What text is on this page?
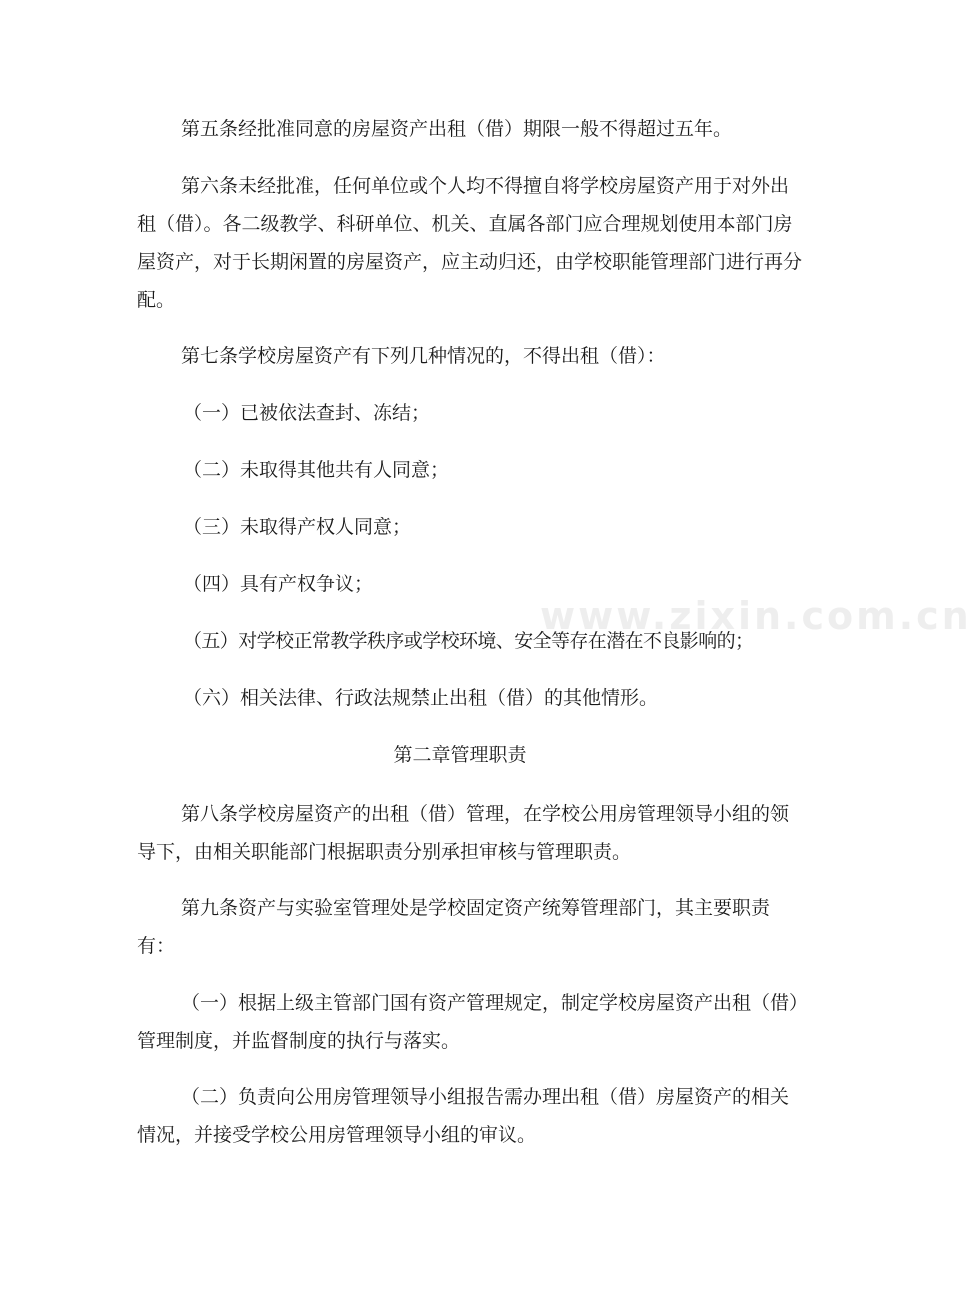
www.zixin.com.cn

第五条经批准同意的房屋资产出租（借）期限一般不得超过五年。

第六条未经批准，任何单位或个人均不得擅自将学校房屋资产用于对外出租（借）。各二级教学、科研单位、机关、直属各部门应合理规划使用本部门房屋资产，对于长期闲置的房屋资产，应主动归还，由学校职能管理部门进行再分配。

第七条学校房屋资产有下列几种情况的，不得出租（借）：

（一）已被依法查封、冻结；

（二）未取得其他共有人同意；

（三）未取得产权人同意；

（四）具有产权争议；

（五）对学校正常教学秩序或学校环境、安全等存在潜在不良影响的；

（六）相关法律、行政法规禁止出租（借）的其他情形。

第二章管理职责

第八条学校房屋资产的出租（借）管理，在学校公用房管理领导小组的领导下，由相关职能部门根据职责分别承担审核与管理职责。

第九条资产与实验室管理处是学校固定资产统筹管理部门，其主要职责有：

（一）根据上级主管部门国有资产管理规定，制定学校房屋资产出租（借）管理制度，并监督制度的执行与落实。

（二）负责向公用房管理领导小组报告需办理出租（借）房屋资产的相关情况，并接受学校公用房管理领导小组的审议。
